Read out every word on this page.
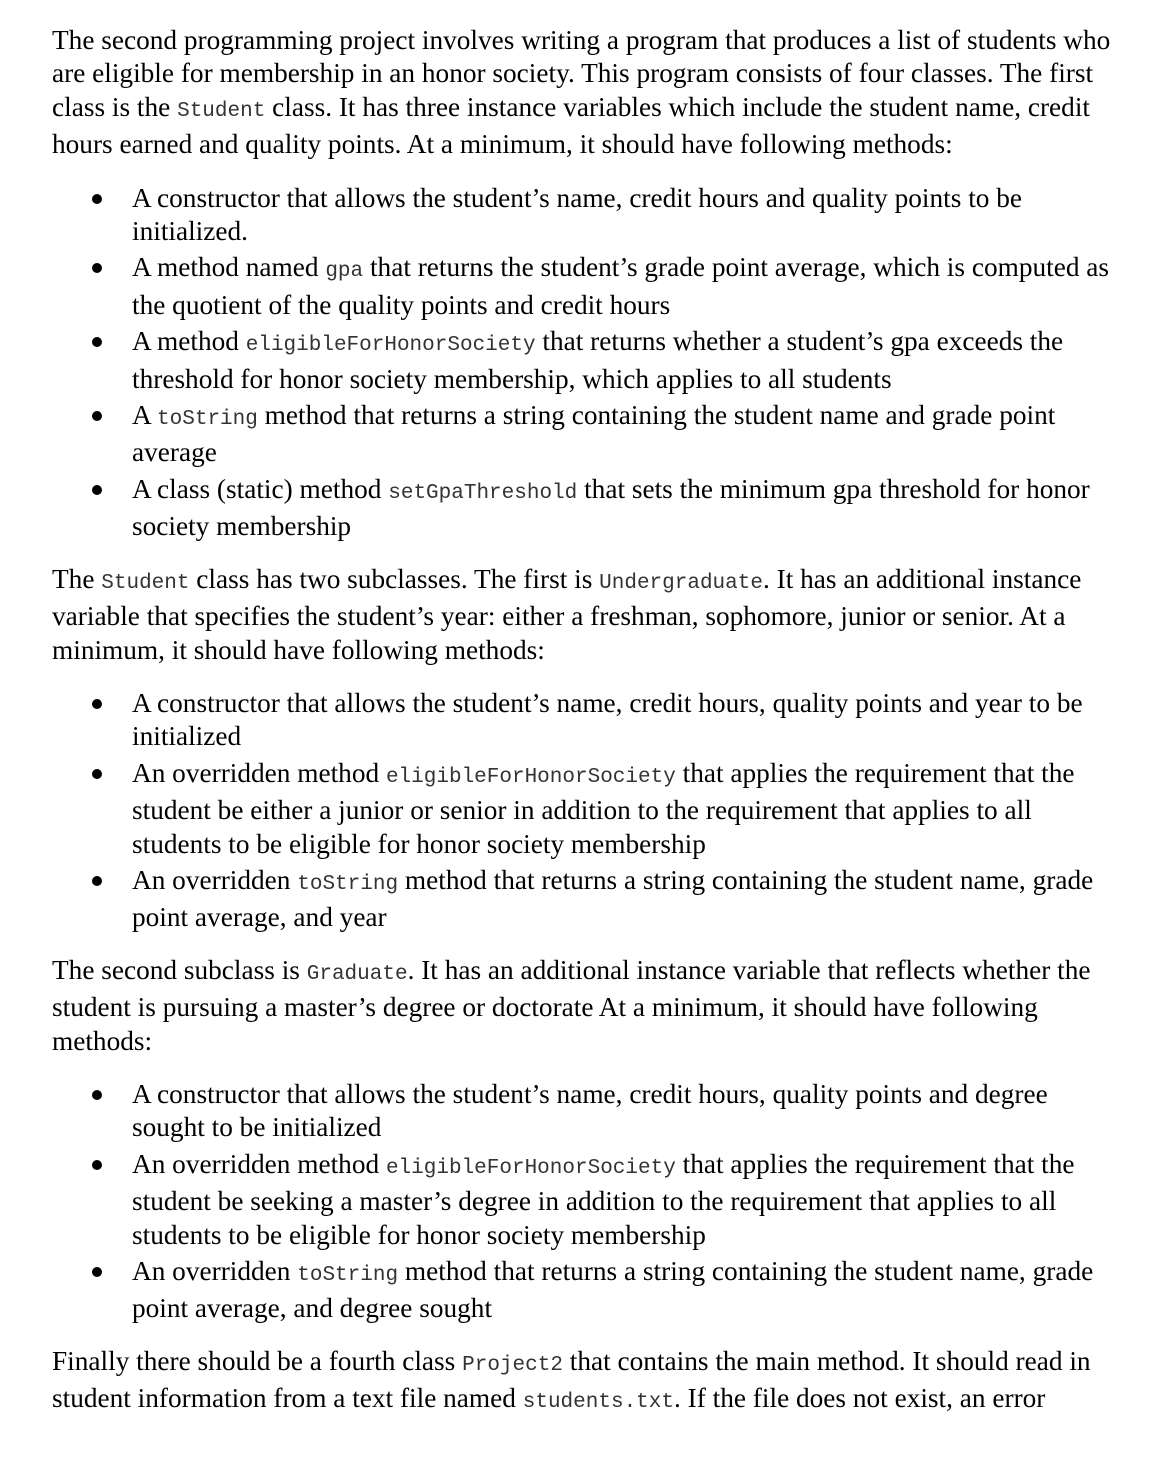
The second programming project involves writing a program that produces a list of students who are eligible for membership in an honor society. This program consists of four classes. The first class is the Student class. It has three instance variables which include the student name, credit hours earned and quality points. At a minimum, it should have following methods:

A constructor that allows the student’s name, credit hours and quality points to be initialized.
A method named gpa that returns the student’s grade point average, which is computed as the quotient of the quality points and credit hours
A method eligibleForHonorSociety that returns whether a student’s gpa exceeds the threshold for honor society membership, which applies to all students
A toString method that returns a string containing the student name and grade point average
A class (static) method setGpaThreshold that sets the minimum gpa threshold for honor society membership

The Student class has two subclasses. The first is Undergraduate. It has an additional instance variable that specifies the student’s year: either a freshman, sophomore, junior or senior. At a minimum, it should have following methods:

A constructor that allows the student’s name, credit hours, quality points and year to be initialized
An overridden method eligibleForHonorSociety that applies the requirement that the student be either a junior or senior in addition to the requirement that applies to all students to be eligible for honor society membership
An overridden toString method that returns a string containing the student name, grade point average, and year

The second subclass is Graduate. It has an additional instance variable that reflects whether the student is pursuing a master’s degree or doctorate At a minimum, it should have following methods:

A constructor that allows the student’s name, credit hours, quality points and degree sought to be initialized
An overridden method eligibleForHonorSociety that applies the requirement that the student be seeking a master’s degree in addition to the requirement that applies to all students to be eligible for honor society membership
An overridden toString method that returns a string containing the student name, grade point average, and degree sought

Finally there should be a fourth class Project2 that contains the main method. It should read in student information from a text file named students.txt. If the file does not exist, an error
